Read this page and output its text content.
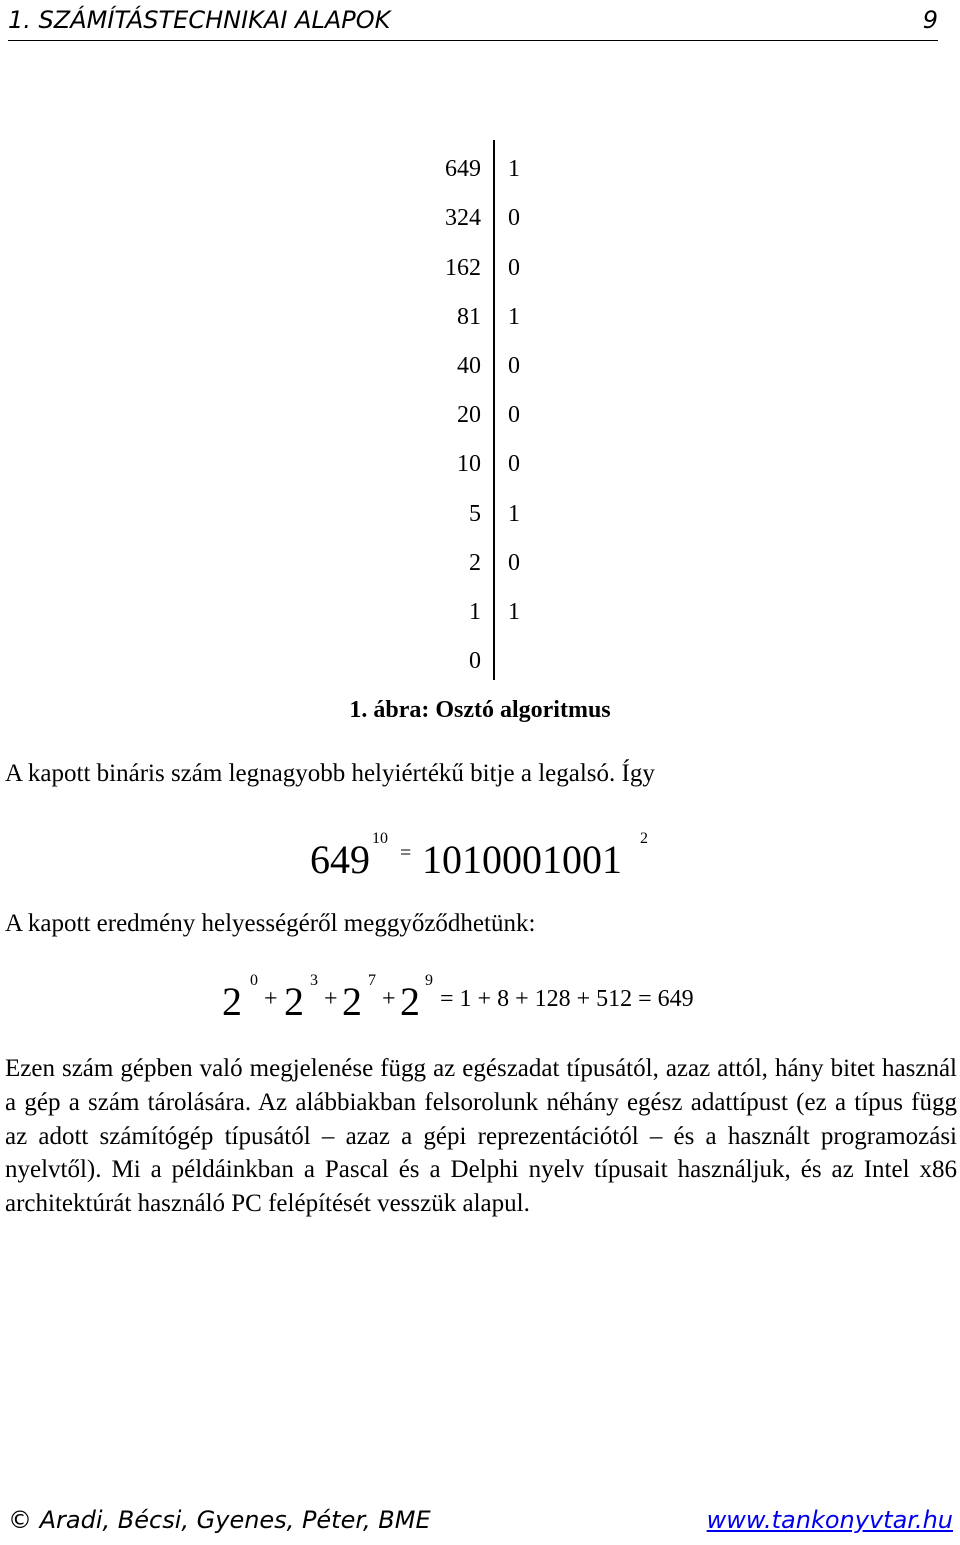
1. SZÁMÍTÁSTECHNIKAI ALAPOK	9
649 1
324 0
162 0
81 1
40 0
20 0
10 0
5 1
2 0
1 1
0
1. ábra: Osztó algoritmus
A kapott bináris szám legnagyobb helyiértékű bitje a legalsó. Így
649 10
= 1010001001 2
A kapott eredmény helyességéről meggyőződhetünk:
2 0
+ 2 3
+ 2 7
+ 2 9
= 1 + 8 + 128 + 512 = 649
Ezen szám gépben való megjelenése függ az egészadat típusától, azaz attól, hány bitet használ a gép a szám tárolására. Az alábbiakban felsorolunk néhány egész adattípust (ez a típus függ az adott számítógép típusától – azaz a gépi reprezentációtól – és a használt programozási nyelvtől). Mi a példáinkban a Pascal és a Delphi nyelv típusait használjuk, és az Intel x86 architektúrát használó PC felépítését vesszük alapul.
© Aradi, Bécsi, Gyenes, Péter, BME	www.tankonyvtar.hu
